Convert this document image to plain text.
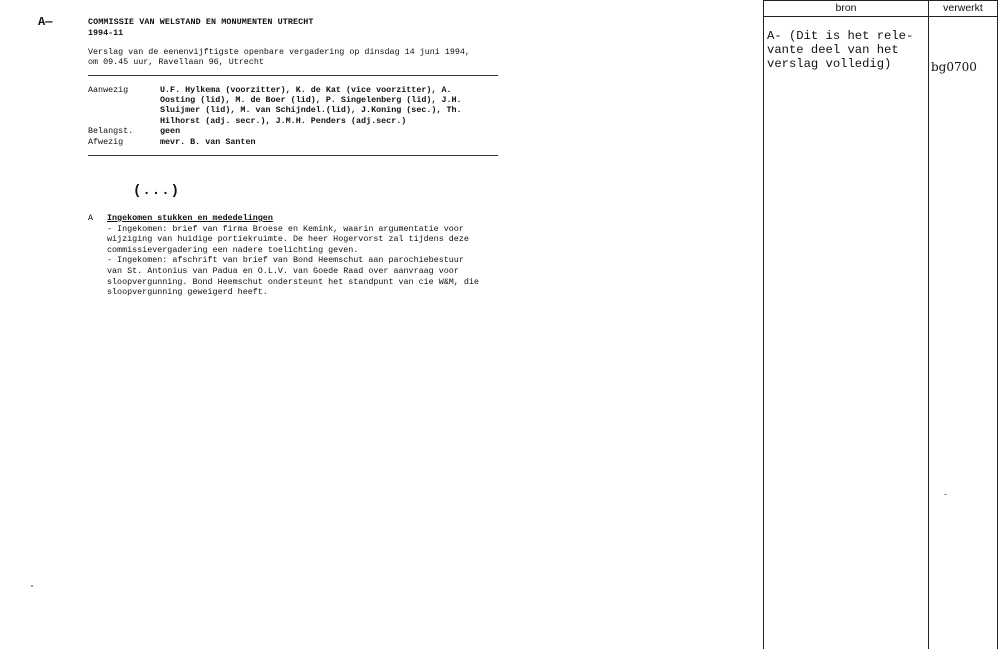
A—	COMMISSIE VAN WELSTAND EN MONUMENTEN UTRECHT
1994-11
Verslag van de eenenvijftigste openbare vergadering op dinsdag 14 juni 1994,
om 09.45 uur, Ravellaan 96, Utrecht
Aanwezig	U.F. Hylkema (voorzitter), K. de Kat (vice voorzitter), A.
Oosting (lid), M. de Boer (lid), P. Singelenberg (lid), J.H.
Sluijmer (lid), M. van Schijndel.(lid), J.Koning (sec.), Th.
Hilhorst (adj. secr.), J.M.H. Penders (adj.secr.)
Belangst.	geen
Afwezig	mevr. B. van Santen
(...)
A	Ingekomen stukken en mededelingen

- Ingekomen: brief van firma Broese en Kemink, waarin argumentatie voor

wijziging van huidige portiekruimte. De heer Hogervorst zal tijdens deze

commissievergadering een nadere toelichting geven.

- Ingekomen: afschrift van brief van Bond Heemschut aan parochiebestuur

van St. Antonius van Padua en O.L.V. van Goede Raad over aanvraag voor

sloopvergunning. Bond Heemschut ondersteunt het standpunt van cie W&M, die

sloopvergunning geweigerd heeft.

bron	verwerkt
A- (Dit is het rele-
vante deel van het
verslag volledig)	bg0700
